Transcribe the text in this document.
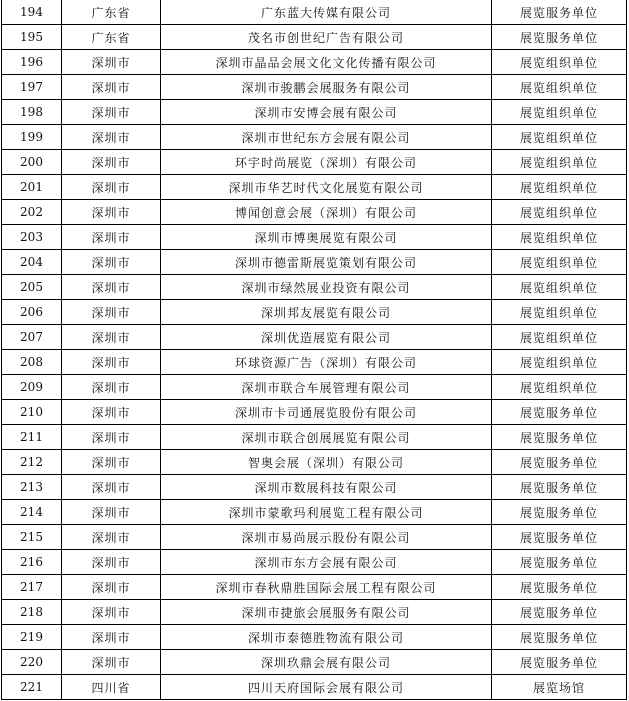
194	广东省	广东蓝大传媒有限公司	展览服务单位
195	广东省	茂名市创世纪广告有限公司	展览服务单位
196	深圳市	深圳市晶品会展文化文化传播有限公司	展览组织单位
197	深圳市	深圳市骏鹏会展服务有限公司	展览组织单位
198	深圳市	深圳市安博会展有限公司	展览组织单位
199	深圳市	深圳市世纪东方会展有限公司	展览组织单位
200	深圳市	环宇时尚展览（深圳）有限公司	展览组织单位
201	深圳市	深圳市华艺时代文化展览有限公司	展览组织单位
202	深圳市	博闻创意会展（深圳）有限公司	展览组织单位
203	深圳市	深圳市博奥展览有限公司	展览组织单位
204	深圳市	深圳市德雷斯展览策划有限公司	展览组织单位
205	深圳市	深圳市绿然展业投资有限公司	展览组织单位
206	深圳市	深圳邦友展览有限公司	展览组织单位
207	深圳市	深圳优造展览有限公司	展览组织单位
208	深圳市	环球资源广告（深圳）有限公司	展览组织单位
209	深圳市	深圳市联合车展管理有限公司	展览组织单位
210	深圳市	深圳市卡司通展览股份有限公司	展览服务单位
211	深圳市	深圳市联合创展展览有限公司	展览服务单位
212	深圳市	智奥会展（深圳）有限公司	展览服务单位
213	深圳市	深圳市数展科技有限公司	展览服务单位
214	深圳市	深圳市蒙歌玛利展览工程有限公司	展览服务单位
215	深圳市	深圳市易尚展示股份有限公司	展览服务单位
216	深圳市	深圳市东方会展有限公司	展览服务单位
217	深圳市	深圳市春秋鼎胜国际会展工程有限公司	展览服务单位
218	深圳市	深圳市捷旅会展服务有限公司	展览服务单位
219	深圳市	深圳市泰德胜物流有限公司	展览服务单位
220	深圳市	深圳玖鼎会展有限公司	展览服务单位
221	四川省	四川天府国际会展有限公司	展览场馆
